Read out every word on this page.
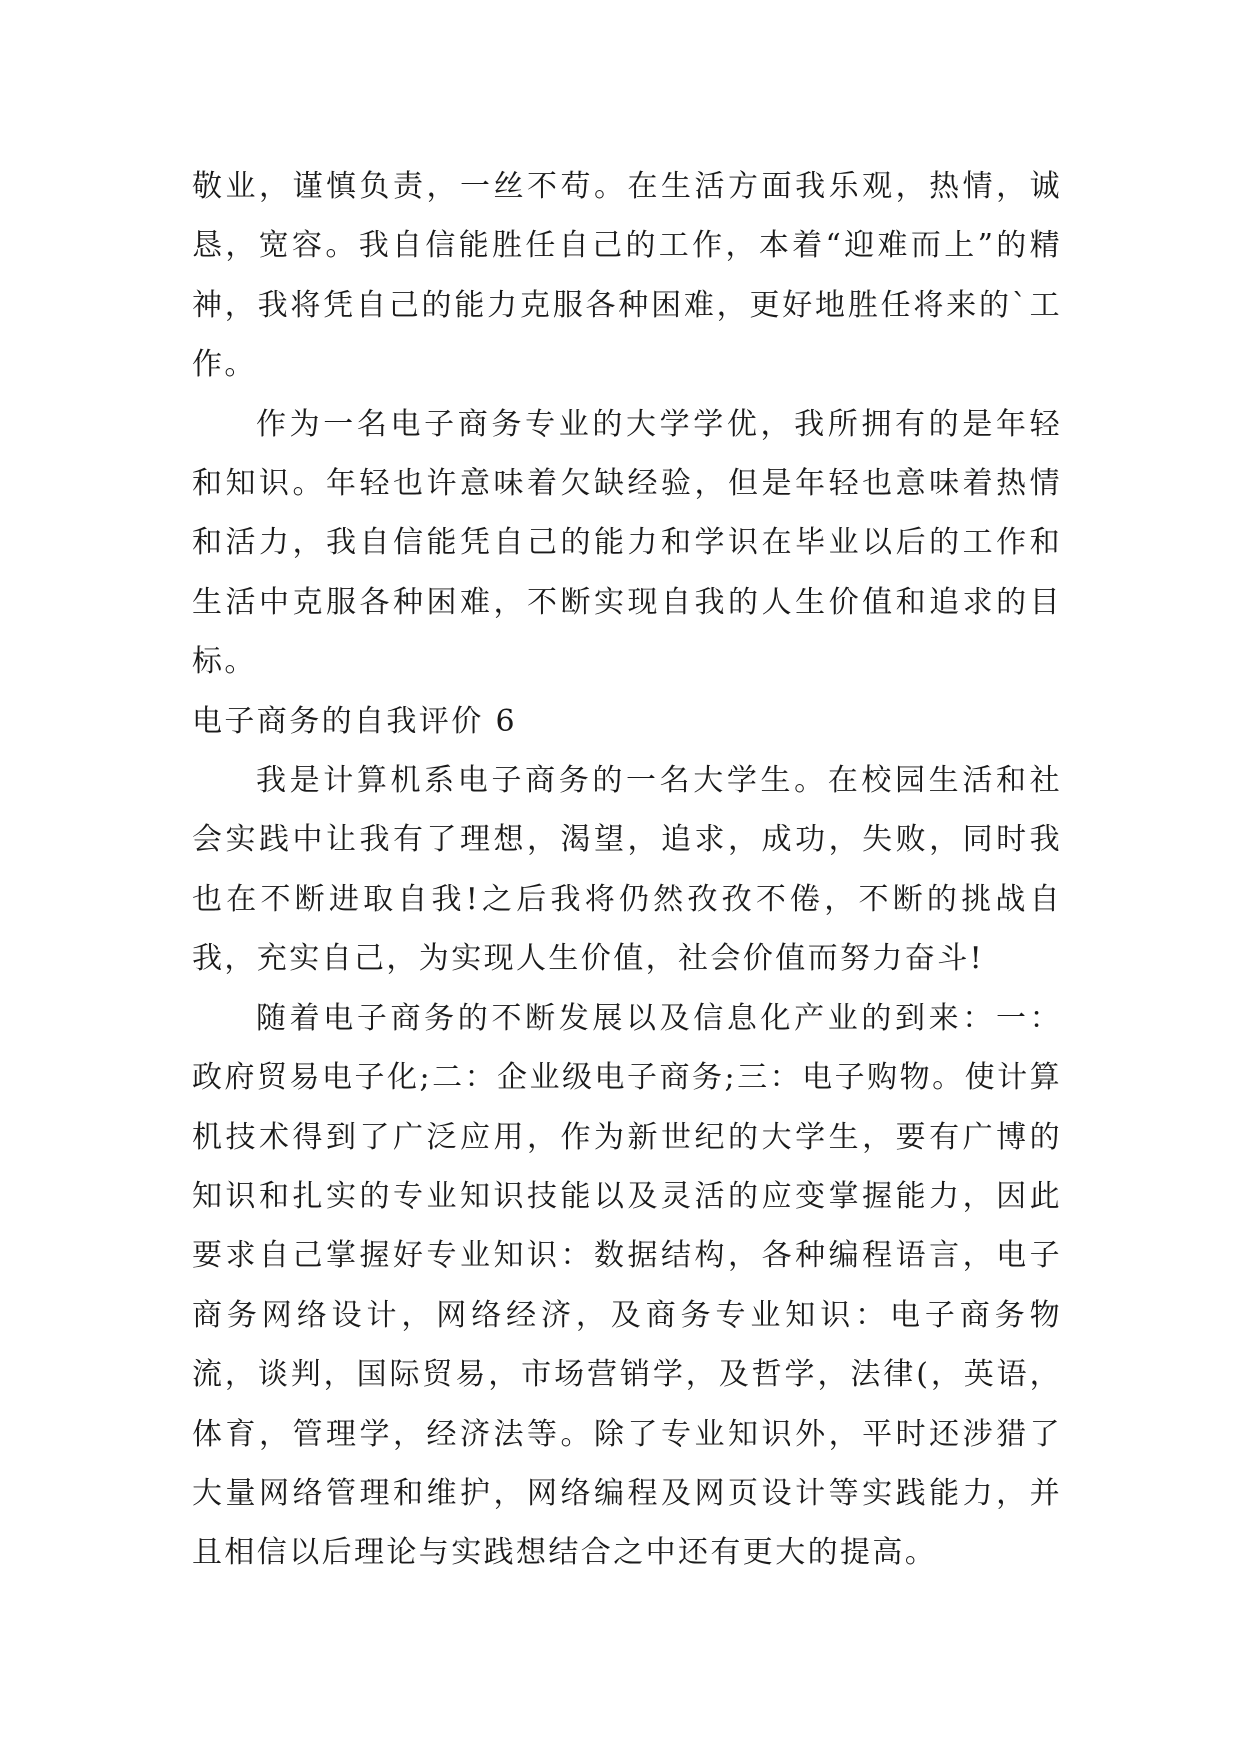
敬业，谨慎负责，一丝不苟。在生活方面我乐观，热情，诚恳，宽容。我自信能胜任自己的工作，本着“迎难而上”的精神，我将凭自己的能力克服各种困难，更好地胜任将来的`工作。

作为一名电子商务专业的大学学优，我所拥有的是年轻和知识。年轻也许意味着欠缺经验，但是年轻也意味着热情和活力，我自信能凭自己的能力和学识在毕业以后的工作和生活中克服各种困难，不断实现自我的人生价值和追求的目标。

电子商务的自我评价 6

我是计算机系电子商务的一名大学生。在校园生活和社会实践中让我有了理想，渴望，追求，成功，失败，同时我也在不断进取自我!之后我将仍然孜孜不倦，不断的挑战自我，充实自己，为实现人生价值，社会价值而努力奋斗!

随着电子商务的不断发展以及信息化产业的到来：一：政府贸易电子化;二：企业级电子商务;三：电子购物。使计算机技术得到了广泛应用，作为新世纪的大学生，要有广博的知识和扎实的专业知识技能以及灵活的应变掌握能力，因此要求自己掌握好专业知识：数据结构，各种编程语言，电子商务网络设计，网络经济，及商务专业知识：电子商务物流，谈判，国际贸易，市场营销学，及哲学，法律(，英语，体育，管理学，经济法等。除了专业知识外，平时还涉猎了大量网络管理和维护，网络编程及网页设计等实践能力，并且相信以后理论与实践想结合之中还有更大的提高。
